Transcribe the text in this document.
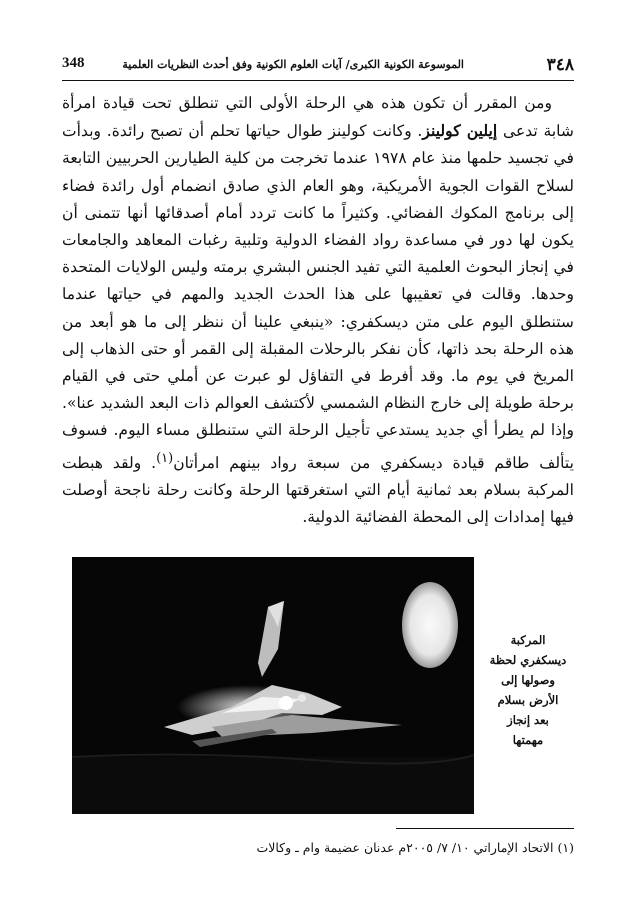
٣٤٨
الموسوعة الكونية الكبرى/ آيات العلوم الكونية وفق أحدث النظريات العلمية
348

ومن المقرر أن تكون هذه هي الرحلة الأولى التي تنطلق تحت قيادة امرأة شابة تدعى إيلين كولينز. وكانت كولينز طوال حياتها تحلم أن تصبح رائدة. وبدأت في تجسيد حلمها منذ عام ١٩٧٨ عندما تخرجت من كلية الطيارين الحربيين التابعة لسلاح القوات الجوية الأمريكية، وهو العام الذي صادق انضمام أول رائدة فضاء إلى برنامج المكوك الفضائي. وكثيراً ما كانت تردد أمام أصدقائها أنها تتمنى أن يكون لها دور في مساعدة رواد الفضاء الدولية وتلبية رغبات المعاهد والجامعات في إنجاز البحوث العلمية التي تفيد الجنس البشري برمته وليس الولايات المتحدة وحدها. وقالت في تعقيبها على هذا الحدث الجديد والمهم في حياتها عندما ستنطلق اليوم على متن ديسكفري: «ينبغي علينا أن ننظر إلى ما هو أبعد من هذه الرحلة بحد ذاتها، كأن نفكر بالرحلات المقبلة إلى القمر أو حتى الذهاب إلى المريخ في يوم ما. وقد أفرط في التفاؤل لو عبرت عن أملي حتى في القيام برحلة طويلة إلى خارج النظام الشمسي لأكتشف العوالم ذات البعد الشديد عنا». وإذا لم يطرأ أي جديد يستدعي تأجيل الرحلة التي ستنطلق مساء اليوم. فسوف يتألف طاقم قيادة ديسكفري من سبعة رواد بينهم امرأتان$^{(١)}$. ولقد هبطت المركبة بسلام بعد ثمانية أيام التي استغرقتها الرحلة وكانت رحلة ناجحة أوصلت فيها إمدادات إلى المحطة الفضائية الدولية.

المركبة
ديسكفري لحظة
وصولها إلى
الأرض بسلام
بعد إنجاز
مهمتها
(١) الاتحاد الإماراتي ١٠/ ٧/ ٢٠٠٥م عدنان عضيمة وام ـ وكالات
